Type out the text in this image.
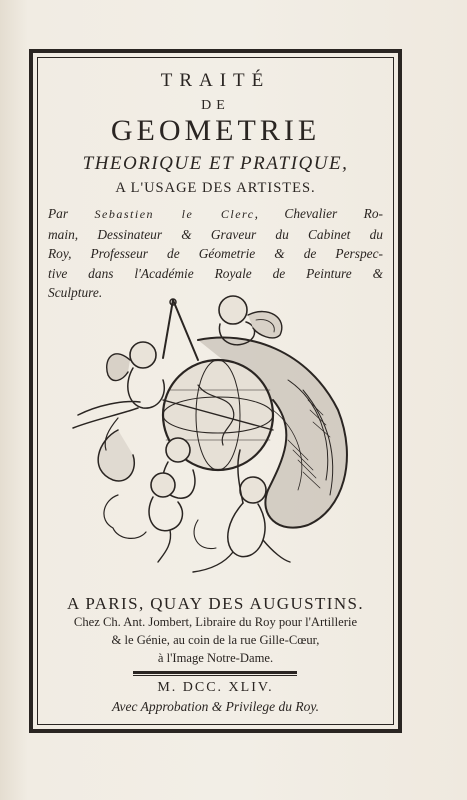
TRAITÉ
DE
GEOMETRIE
THEORIQUE ET PRATIQUE,
A L'USAGE DES ARTISTES.
Par Sebastien le Clerc, Chevalier Ro-
main, Dessinateur & Graveur du Cabinet du
Roy, Professeur de Géometrie & de Perspec-
tive dans l'Académie Royale de Peinture &
Sculpture.
A PARIS, QUAY DES AUGUSTINS.
Chez Ch. Ant. Jombert, Libraire du Roy pour l'Artillerie
& le Génie, au coin de la rue Gille-Cœur,
à l'Image Notre-Dame.
M. DCC. XLIV.
Avec Approbation & Privilege du Roy.
